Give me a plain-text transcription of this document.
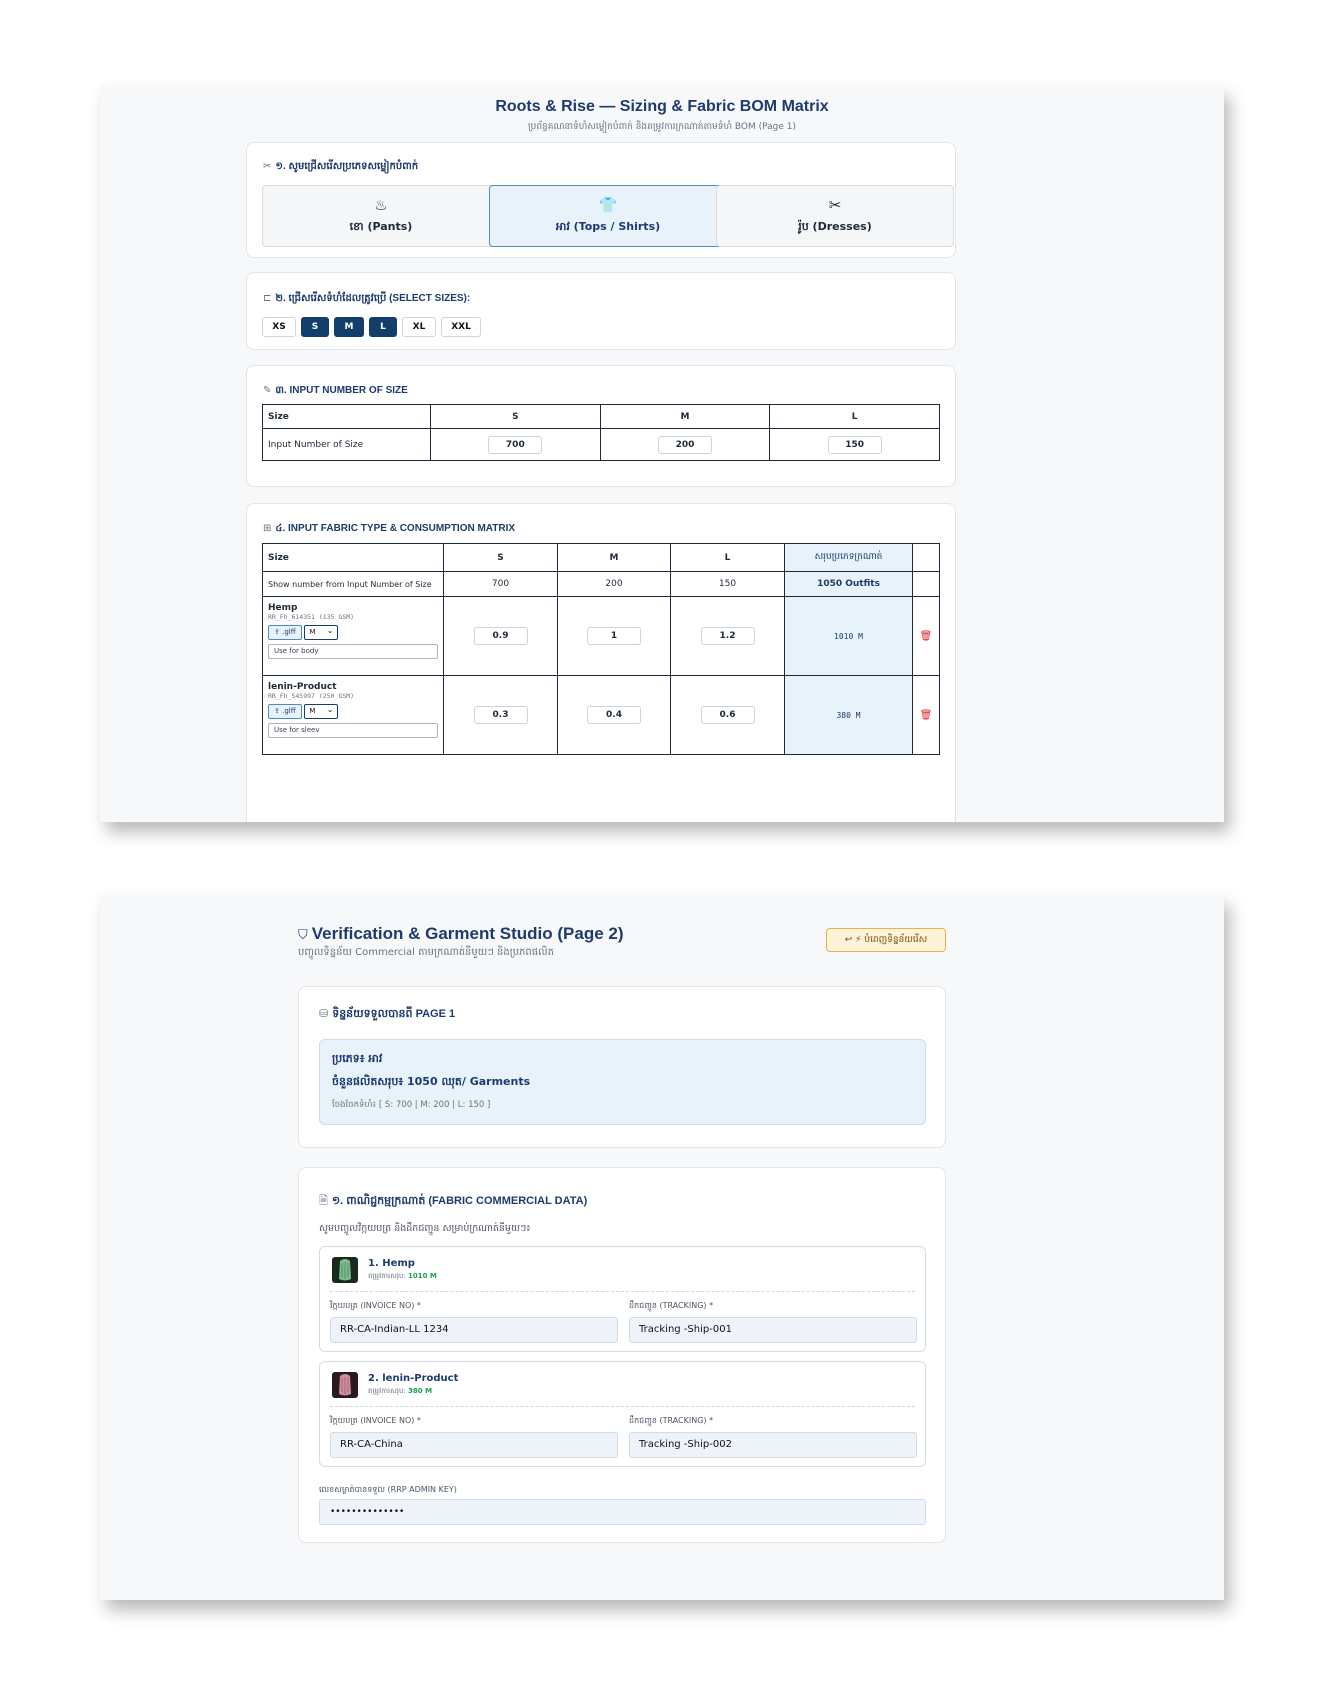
Roots & Rise — Sizing & Fabric BOM Matrix
ប្រព័ន្ធគណនាទំហំសម្លៀកបំពាក់ និងតម្រូវការក្រណាត់តាមទំហំ BOM (Page 1)
✂ ១. សូមជ្រើសរើសប្រភេទសម្លៀកបំពាក់
♨
ខោ (Pants)
👕
អាវ (Tops / Shirts)
✂
រ៉ូប (Dresses)
⊏ ២. ជ្រើសរើសទំហំដែលត្រូវប្រើ (SELECT SIZES):
XS	S	M	L	XL	XXL
✎ ៣. INPUT NUMBER OF SIZE
Size	S	M	L
Input Number of Size	700	200	150
⊞ ៤. INPUT FABRIC TYPE & CONSUMPTION MATRIX
Size	S	M	L	សរុបប្រភេទក្រណាត់	
Show number from Input Number of Size	700	200	150	1050 Outfits	

Hemp
RR_Fh_614351 (135 GSM)
⇪ .glff M ⌄
Use for body	0.9	1	1.2	1010 M	🗑

lenin-Product
RR_Fh_545997 (250 GSM)
⇪ .glff M ⌄
Use for sleev	0.3	0.4	0.6	380 M	🗑
⛉ Verification & Garment Studio (Page 2)
បញ្ចូលទិន្នន័យ Commercial តាមក្រណាត់នីមួយៗ និងប្រភពផលិត
↩ ⚡ បំពេញទិន្នន័យរើស
⛁ ទិន្នន័យទទួលបានពី PAGE 1
ប្រភេទ៖ អាវ
ចំនួនផលិតសរុប៖ 1050 ឈុត/ Garments
ចែងចែកទំហំ៖ [ S: 700 | M: 200 | L: 150 ]
🗎 ១. ពាណិជ្ជកម្មក្រណាត់ (FABRIC COMMERCIAL DATA)
សូមបញ្ចូលវិក្កយបត្រ និងដឹកជញ្ជូន សម្រាប់ក្រណាត់នីមួយៗ៖
1. Hemp
តម្រូវការសរុប: 1010 M
វិក្កយបត្រ (INVOICE NO) *	ដឹកជញ្ជូន (TRACKING) *
RR-CA-Indian-LL 1234	Tracking -Ship-001
2. lenin-Product
តម្រូវការសរុប: 380 M
វិក្កយបត្រ (INVOICE NO) *	ដឹកជញ្ជូន (TRACKING) *
RR-CA-China	Tracking -Ship-002
លេខសម្ងាត់បានទទួល (RRP ADMIN KEY)
••••••••••••••
